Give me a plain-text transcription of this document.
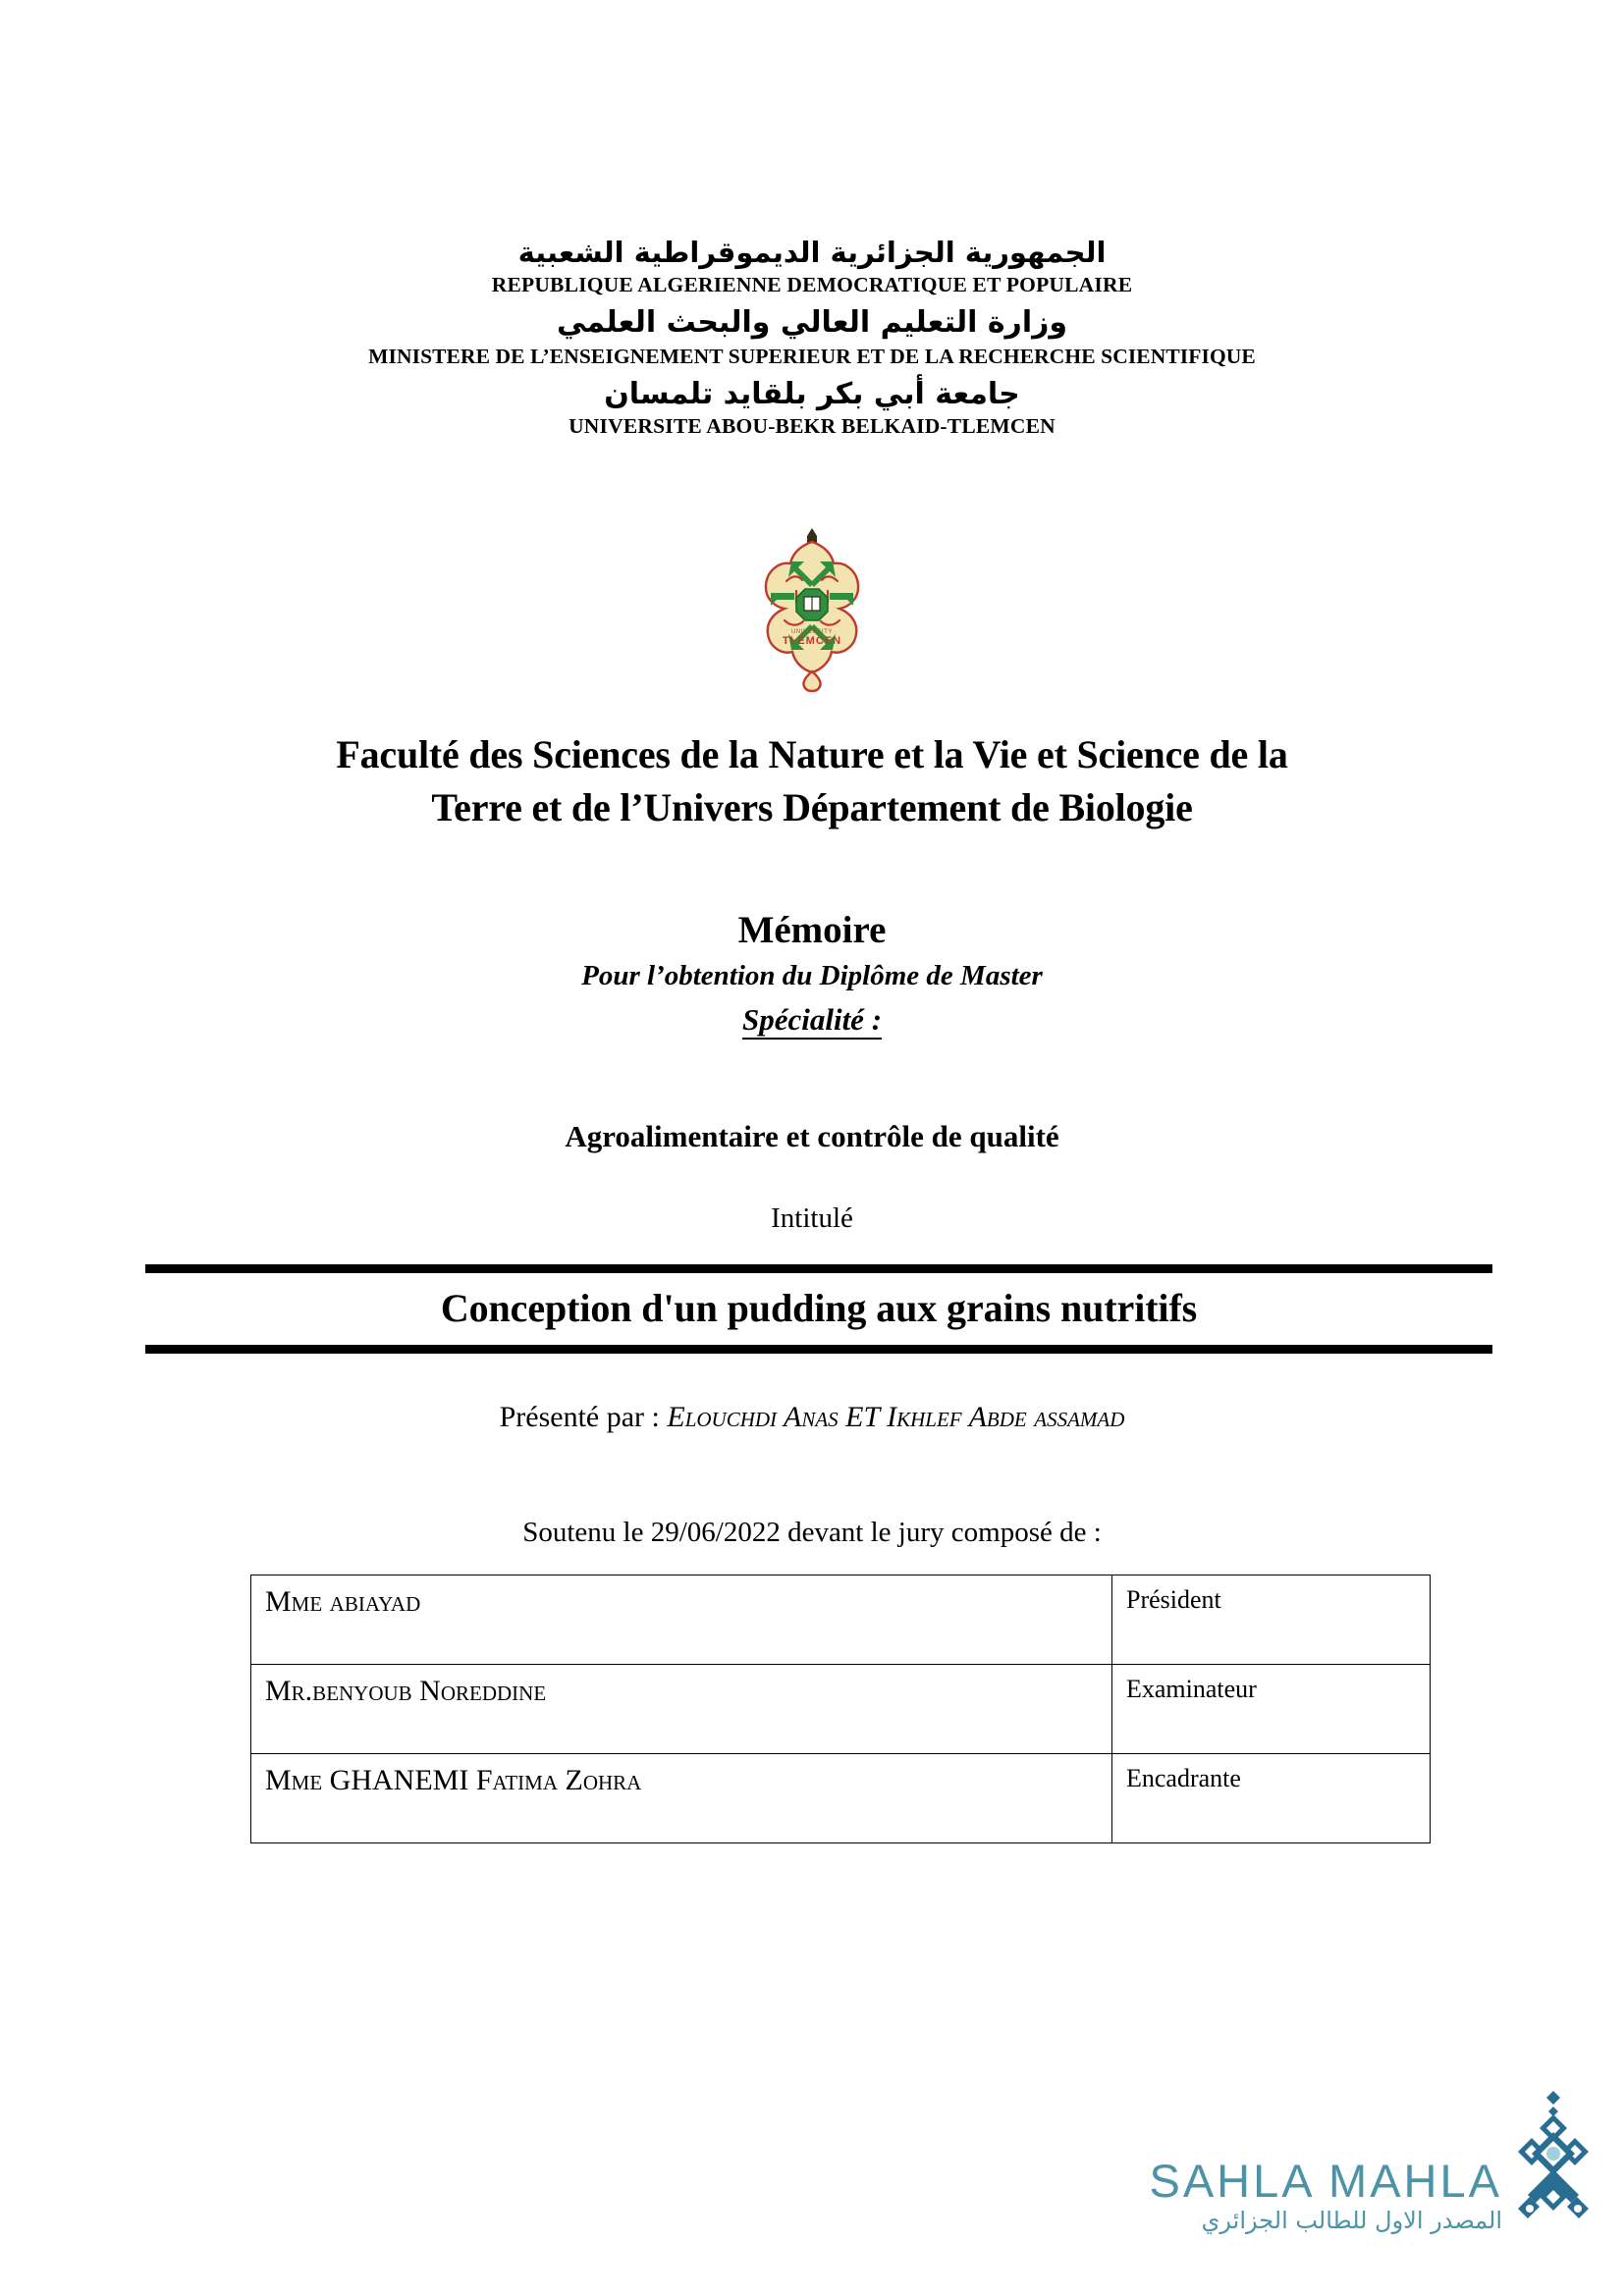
الجمهورية الجزائرية الديموقراطية الشعبية
REPUBLIQUE ALGERIENNE DEMOCRATIQUE ET POPULAIRE
وزارة التعليم العالي والبحث العلمي
MINISTERE DE L’ENSEIGNEMENT SUPERIEUR ET DE LA RECHERCHE SCIENTIFIQUE
جامعة أبي بكر بلقايد تلمسان
UNIVERSITE ABOU-BEKR BELKAID-TLEMCEN
TLEMCEN
UNIVERSITY
Faculté des Sciences de la Nature et la Vie et Science de la
Terre et de l’Univers Département de Biologie
Mémoire
Pour l’obtention du Diplôme de Master
Spécialité :
Agroalimentaire et contrôle de qualité
Intitulé
Conception d'un pudding aux grains nutritifs
Présenté par : Elouchdi Anas ET Ikhlef Abde assamad
Soutenu le 29/06/2022 devant le jury composé de :
Mme abiayad	Président
Mr.benyoub Noreddine	Examinateur
Mme GHANEMI Fatima Zohra	Encadrante
SAHLA MAHLA
المصدر الاول للطالب الجزائري
